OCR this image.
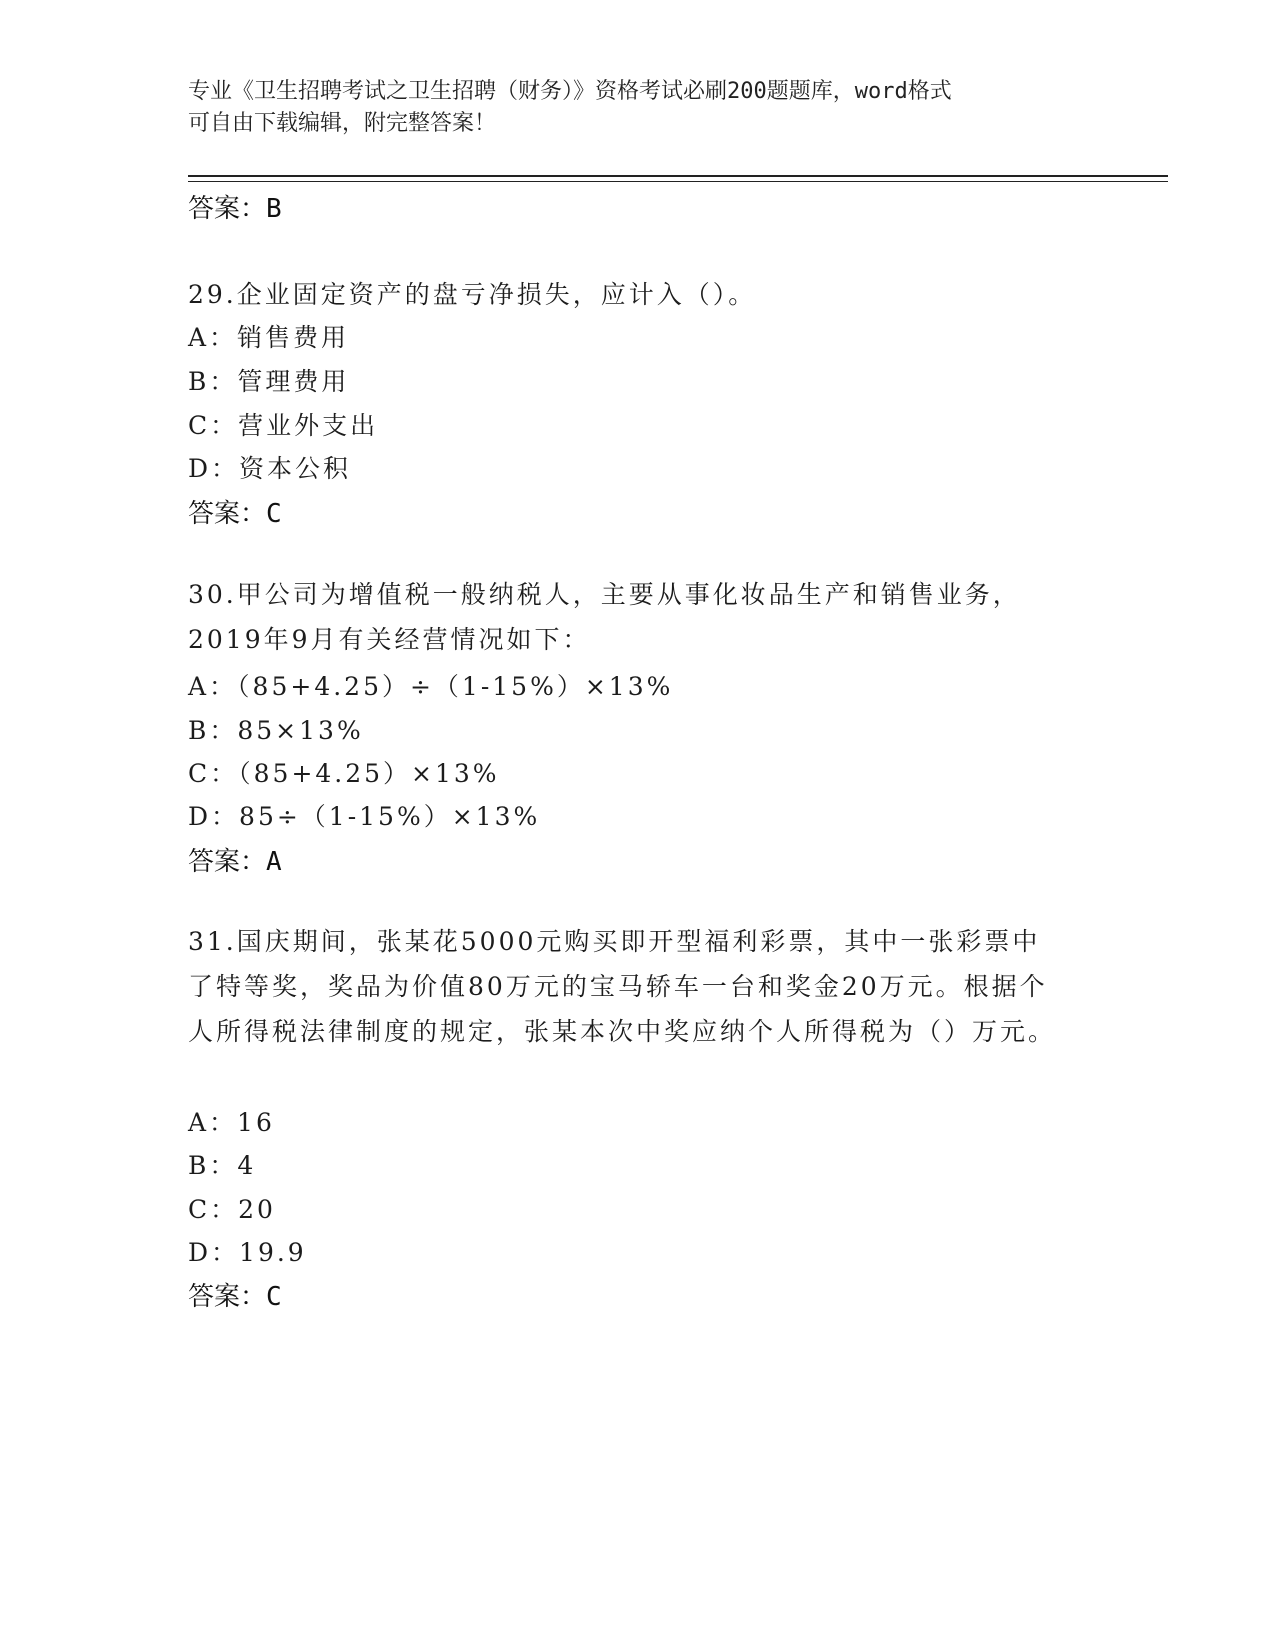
专业《卫生招聘考试之卫生招聘（财务）》资格考试必刷200题题库，word格式
可自由下载编辑，附完整答案！
答案：B
29.企业固定资产的盘亏净损失，应计入（）。
A：销售费用
B：管理费用
C：营业外支出
D：资本公积
答案：C
30.甲公司为增值税一般纳税人，主要从事化妆品生产和销售业务，2019年9月有关经营情况如下：
A：（85+4.25）÷（1-15%）×13%
B：85×13%
C：（85+4.25）×13%
D：85÷（1-15%）×13%
答案：A
31.国庆期间，张某花5000元购买即开型福利彩票，其中一张彩票中了特等奖，奖品为价值80万元的宝马轿车一台和奖金20万元。根据个人所得税法律制度的规定，张某本次中奖应纳个人所得税为（）万元。
A：16
B：4
C：20
D：19.9
答案：C
